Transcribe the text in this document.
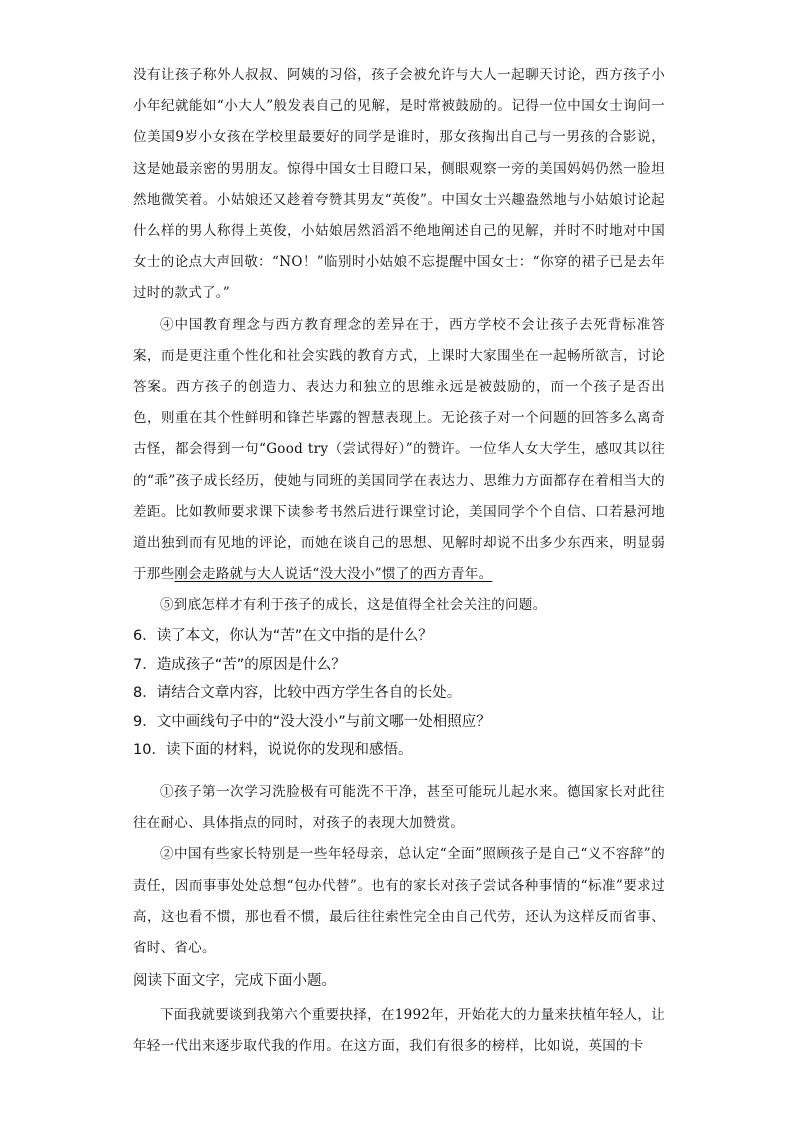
没有让孩子称外人叔叔、阿姨的习俗，孩子会被允许与大人一起聊天讨论，西方孩子小小年纪就能如“小大人”般发表自己的见解，是时常被鼓励的。记得一位中国女士询问一位美国9岁小女孩在学校里最要好的同学是谁时，那女孩掏出自己与一男孩的合影说，这是她最亲密的男朋友。惊得中国女士目瞪口呆，侧眼观察一旁的美国妈妈仍然一脸坦然地微笑着。小姑娘还又趁着夸赞其男友“英俊”。中国女士兴趣盎然地与小姑娘讨论起什么样的男人称得上英俊，小姑娘居然滔滔不绝地阐述自己的见解，并时不时地对中国女士的论点大声回敬：“NO！”临别时小姑娘不忘提醒中国女士：“你穿的裙子已是去年过时的款式了。”

④中国教育理念与西方教育理念的差异在于，西方学校不会让孩子去死背标准答案，而是更注重个性化和社会实践的教育方式，上课时大家围坐在一起畅所欲言，讨论答案。西方孩子的创造力、表达力和独立的思维永远是被鼓励的，而一个孩子是否出色，则重在其个性鲜明和锋芒毕露的智慧表现上。无论孩子对一个问题的回答多么离奇古怪，都会得到一句“Good try（尝试得好）”的赞许。一位华人女大学生，感叹其以往的“乖”孩子成长经历，使她与同班的美国同学在表达力、思维力方面都存在着相当大的差距。比如教师要求课下读参考书然后进行课堂讨论，美国同学个个自信、口若悬河地道出独到而有见地的评论，而她在谈自己的思想、见解时却说不出多少东西来，明显弱于那些刚会走路就与大人说话“没大没小”惯了的西方青年。

⑤到底怎样才有利于孩子的成长，这是值得全社会关注的问题。

6．读了本文，你认为“苦”在文中指的是什么？

7．造成孩子“苦”的原因是什么？

8．请结合文章内容，比较中西方学生各自的长处。

9．文中画线句子中的“没大没小”与前文哪一处相照应？

10．读下面的材料，说说你的发现和感悟。

①孩子第一次学习洗脸极有可能洗不干净，甚至可能玩儿起水来。德国家长对此往往在耐心、具体指点的同时，对孩子的表现大加赞赏。

②中国有些家长特别是一些年轻母亲，总认定“全面”照顾孩子是自己“义不容辞”的责任，因而事事处处总想“包办代替”。也有的家长对孩子尝试各种事情的“标准”要求过高，这也看不惯，那也看不惯，最后往往索性完全由自己代劳，还认为这样反而省事、省时、省心。

阅读下面文字，完成下面小题。

下面我就要谈到我第六个重要抉择，在1992年，开始花大的力量来扶植年轻人，让年轻一代出来逐步取代我的作用。在这方面，我们有很多的榜样，比如说，英国的卡
